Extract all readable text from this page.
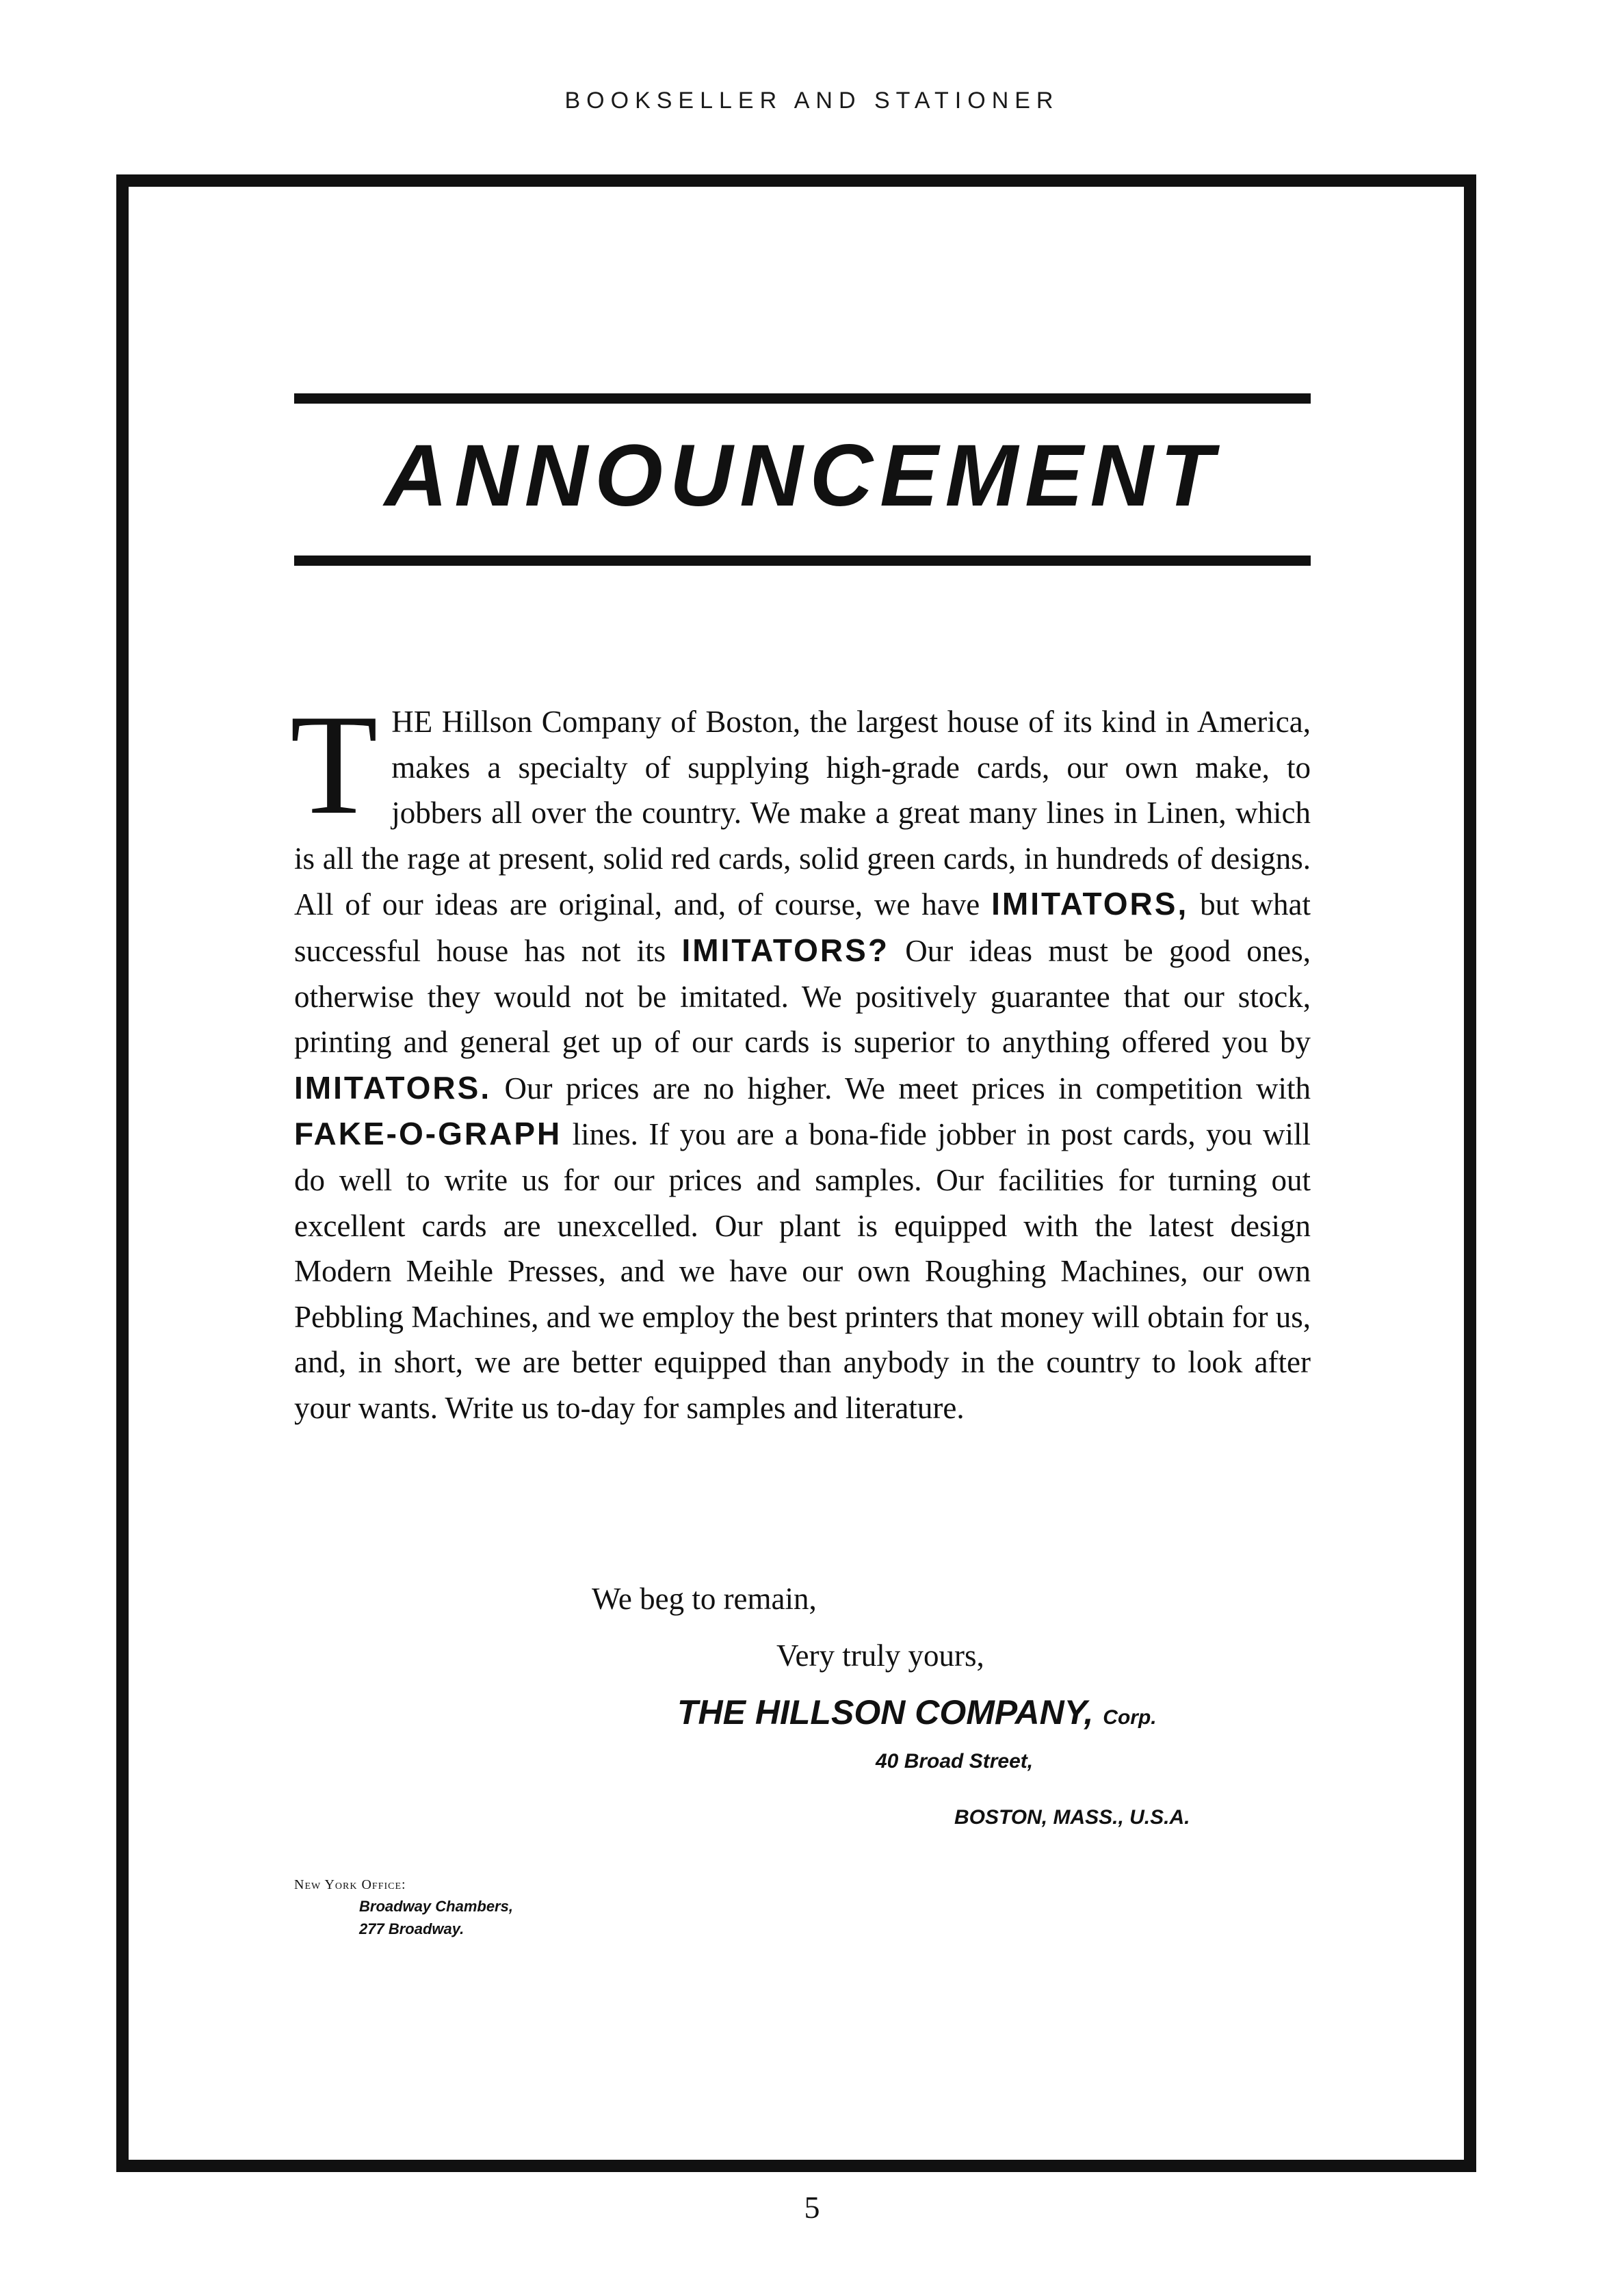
BOOKSELLER AND STATIONER
ANNOUNCEMENT

THE Hillson Company of Boston, the largest house of its kind in America, makes a specialty of supplying high-grade cards, our own make, to jobbers all over the country. We make a great many lines in Linen, which is all the rage at present, solid red cards, solid green cards, in hundreds of designs. All of our ideas are original, and, of course, we have IMITATORS, but what successful house has not its IMITATORS? Our ideas must be good ones, otherwise they would not be imitated. We positively guarantee that our stock, printing and general get up of our cards is superior to anything offered you by IMITATORS. Our prices are no higher. We meet prices in competition with FAKE-O-GRAPH lines. If you are a bona-fide jobber in post cards, you will do well to write us for our prices and samples. Our facilities for turning out excellent cards are unexcelled. Our plant is equipped with the latest design Modern Meihle Presses, and we have our own Roughing Machines, our own Pebbling Machines, and we employ the best printers that money will obtain for us, and, in short, we are better equipped than anybody in the country to look after your wants. Write us to-day for samples and literature.

We beg to remain,
Very truly yours,
THE HILLSON COMPANY, Corp.
40 Broad Street,
BOSTON, MASS., U.S.A.
New York Office:
Broadway Chambers,
277 Broadway.
5
